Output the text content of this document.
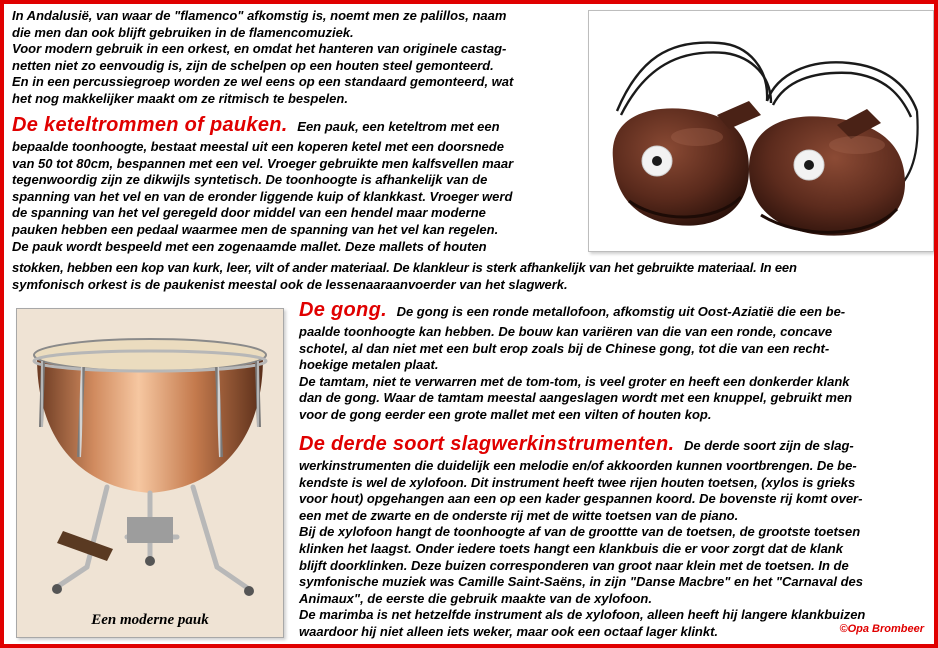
In Andalusië, van waar de "flamenco" afkomstig is, noemt men ze palillos, naam

die men dan ook blijft gebruiken in de flamencomuziek.

Voor modern gebruik in een orkest, en omdat het hanteren van originele castag-

netten niet zo eenvoudig is, zijn de schelpen op een houten steel gemonteerd.

En in een percussiegroep worden ze wel eens op een standaard gemonteerd, wat

het nog makkelijker maakt om ze ritmisch te bespelen.

De keteltrommen of pauken. Een pauk, een keteltrom met een

bepaalde toonhoogte, bestaat meestal uit een koperen ketel met een doorsnede

van 50 tot 80cm, bespannen met een vel. Vroeger gebruikte men kalfsvellen maar

tegenwoordig zijn ze dikwijls syntetisch. De toonhoogte is afhankelijk van de

spanning van het vel en van de eronder liggende kuip of klankkast. Vroeger werd

de spanning van het vel geregeld door middel van een hendel maar moderne

pauken hebben een pedaal waarmee men de spanning van het vel kan regelen.

De pauk wordt bespeeld met een zogenaamde mallet. Deze mallets of houten

stokken, hebben een kop van kurk, leer, vilt of ander materiaal. De klankleur is sterk afhankelijk van het gebruikte materiaal. In een

symfonisch orkest is de paukenist meestal ook de lessenaaraanvoerder van het slagwerk.

Een moderne pauk

De gong. De gong is een ronde metallofoon, afkomstig uit Oost-Aziatië die een be-

paalde toonhoogte kan hebben. De bouw kan variëren van die van een ronde, concave

schotel, al dan niet met een bult erop zoals bij de Chinese gong, tot die van een recht-

hoekige metalen plaat.

De tamtam, niet te verwarren met de tom-tom, is veel groter en heeft een donkerder klank

dan de gong. Waar de tamtam meestal aangeslagen wordt met een knuppel, gebruikt men

voor de gong eerder een grote mallet met een vilten of houten kop.

De derde soort slagwerkinstrumenten. De derde soort zijn de slag-

werkinstrumenten die duidelijk een melodie en/of akkoorden kunnen voortbrengen. De be-

kendste is wel de xylofoon. Dit instrument heeft twee rijen houten toetsen, (xylos is grieks

voor hout) opgehangen aan een op een kader gespannen koord. De bovenste rij komt over-

een met de zwarte en de onderste rij met de witte toetsen van de piano.

Bij de xylofoon hangt de toonhoogte af van de groottte van de toetsen, de grootste toetsen

klinken het laagst. Onder iedere toets hangt een klankbuis die er voor zorgt dat de klank

blijft doorklinken. Deze buizen corresponderen van groot naar klein met de toetsen. In de

symfonische muziek was Camille Saint-Saëns, in zijn "Danse Macbre" en het "Carnaval des

Animaux", de eerste die gebruik maakte van de xylofoon.

De marimba is net hetzelfde instrument als de xylofoon, alleen heeft hij langere klankbuizen

waardoor hij niet alleen iets weker, maar ook een octaaf lager klinkt.	©Opa Brombeer
